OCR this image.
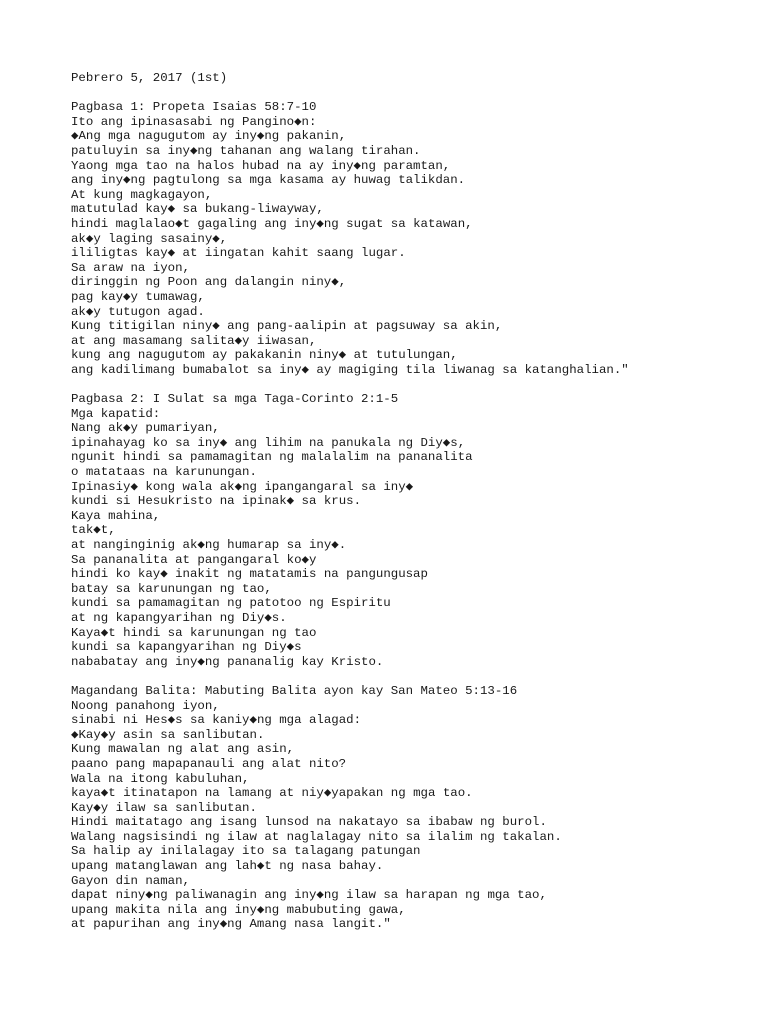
Pebrero 5, 2017 (1st)
Pagbasa 1: Propeta Isaias 58:7-10
Ito ang ipinasasabi ng Pangino◆n:
◆Ang mga nagugutom ay iny◆ng pakanin,
patuluyin sa iny◆ng tahanan ang walang tirahan.
Yaong mga tao na halos hubad na ay iny◆ng paramtan,
ang iny◆ng pagtulong sa mga kasama ay huwag talikdan.
At kung magkagayon,
matutulad kay◆ sa bukang-liwayway,
hindi maglalao◆t gagaling ang iny◆ng sugat sa katawan,
ak◆y laging sasainy◆,
ililigtas kay◆ at iingatan kahit saang lugar.
Sa araw na iyon,
diringgin ng Poon ang dalangin niny◆,
pag kay◆y tumawag,
ak◆y tutugon agad.
Kung titigilan niny◆ ang pang-aalipin at pagsuway sa akin,
at ang masamang salita◆y iiwasan,
kung ang nagugutom ay pakakanin niny◆ at tutulungan,
ang kadilimang bumabalot sa iny◆ ay magiging tila liwanag sa katanghalian."
Pagbasa 2: I Sulat sa mga Taga-Corinto 2:1-5
Mga kapatid:
Nang ak◆y pumariyan,
ipinahayag ko sa iny◆ ang lihim na panukala ng Diy◆s,
ngunit hindi sa pamamagitan ng malalalim na pananalita
o matataas na karunungan.
Ipinasiy◆ kong wala ak◆ng ipangangaral sa iny◆
kundi si Hesukristo na ipinak◆ sa krus.
Kaya mahina,
tak◆t,
at nanginginig ak◆ng humarap sa iny◆.
Sa pananalita at pangangaral ko◆y
hindi ko kay◆ inakit ng matatamis na pangungusap
batay sa karunungan ng tao,
kundi sa pamamagitan ng patotoo ng Espiritu
at ng kapangyarihan ng Diy◆s.
Kaya◆t hindi sa karunungan ng tao
kundi sa kapangyarihan ng Diy◆s
nababatay ang iny◆ng pananalig kay Kristo.
Magandang Balita: Mabuting Balita ayon kay San Mateo 5:13-16
Noong panahong iyon,
sinabi ni Hes◆s sa kaniy◆ng mga alagad:
◆Kay◆y asin sa sanlibutan.
Kung mawalan ng alat ang asin,
paano pang mapapanauli ang alat nito?
Wala na itong kabuluhan,
kaya◆t itinatapon na lamang at niy◆yapakan ng mga tao.
Kay◆y ilaw sa sanlibutan.
Hindi maitatago ang isang lunsod na nakatayo sa ibabaw ng burol.
Walang nagsisindi ng ilaw at naglalagay nito sa ilalim ng takalan.
Sa halip ay inilalagay ito sa talagang patungan
upang matanglawan ang lah◆t ng nasa bahay.
Gayon din naman,
dapat niny◆ng paliwanagin ang iny◆ng ilaw sa harapan ng mga tao,
upang makita nila ang iny◆ng mabubuting gawa,
at papurihan ang iny◆ng Amang nasa langit."
